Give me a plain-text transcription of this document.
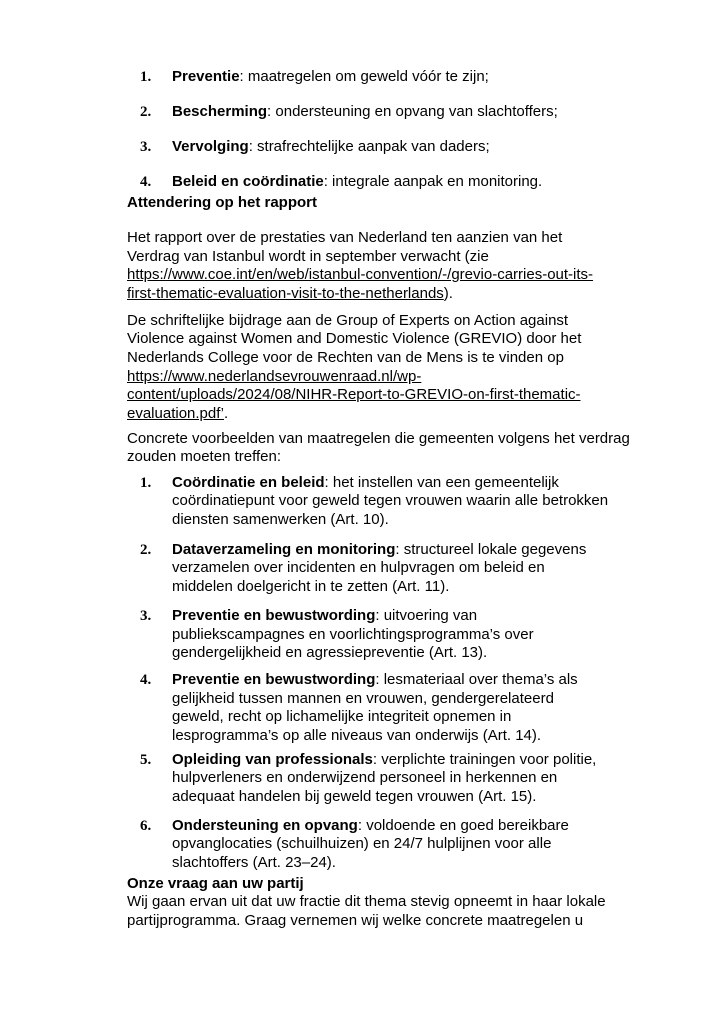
1. Preventie: maatregelen om geweld vóór te zijn;
2. Bescherming: ondersteuning en opvang van slachtoffers;
3. Vervolging: strafrechtelijke aanpak van daders;
4. Beleid en coördinatie: integrale aanpak en monitoring.

Attendering op het rapport

Het rapport over de prestaties van Nederland ten aanzien van het
Verdrag van Istanbul wordt in september verwacht (zie https://www.coe.int/en/web/istanbul-convention/-/grevio-carries-out-its-
first-thematic-evaluation-visit-to-the-netherlands).

De schriftelijke bijdrage aan de Group of Experts on Action against
Violence against Women and Domestic Violence (GREVIO) door het
Nederlands College voor de Rechten van de Mens is te vinden op https://www.nederlandsevrouwenraad.nl/wp-
content/uploads/2024/08/NIHR-Report-to-GREVIO-on-first-thematic-evaluation.pdf’.

Concrete voorbeelden van maatregelen die gemeenten volgens het verdrag zouden moeten treffen:

1. Coördinatie en beleid: het instellen van een gemeentelijk coördinatiepunt voor geweld tegen vrouwen waarin alle betrokken diensten samenwerken (Art. 10).
2. Dataverzameling en monitoring: structureel lokale gegevens verzamelen over incidenten en hulpvragen om beleid en
middelen doelgericht in te zetten (Art. 11).
3. Preventie en bewustwording: uitvoering van
publiekscampagnes en voorlichtingsprogramma’s over gendergelijkheid en agressiepreventie (Art. 13).
4. Preventie en bewustwording: lesmateriaal over thema’s als gelijkheid tussen mannen en vrouwen, gendergerelateerd
geweld, recht op lichamelijke integriteit opnemen in
lesprogramma’s op alle niveaus van onderwijs (Art. 14).
5. Opleiding van professionals: verplichte trainingen voor politie, hulpverleners en onderwijzend personeel in herkennen en
adequaat handelen bij geweld tegen vrouwen (Art. 15).
6. Ondersteuning en opvang: voldoende en goed bereikbare opvanglocaties (schuilhuizen) en 24/7 hulplijnen voor alle
slachtoffers (Art. 23–24).

Onze vraag aan uw partij

Wij gaan ervan uit dat uw fractie dit thema stevig opneemt in haar lokale partijprogramma. Graag vernemen wij welke concrete maatregelen u
